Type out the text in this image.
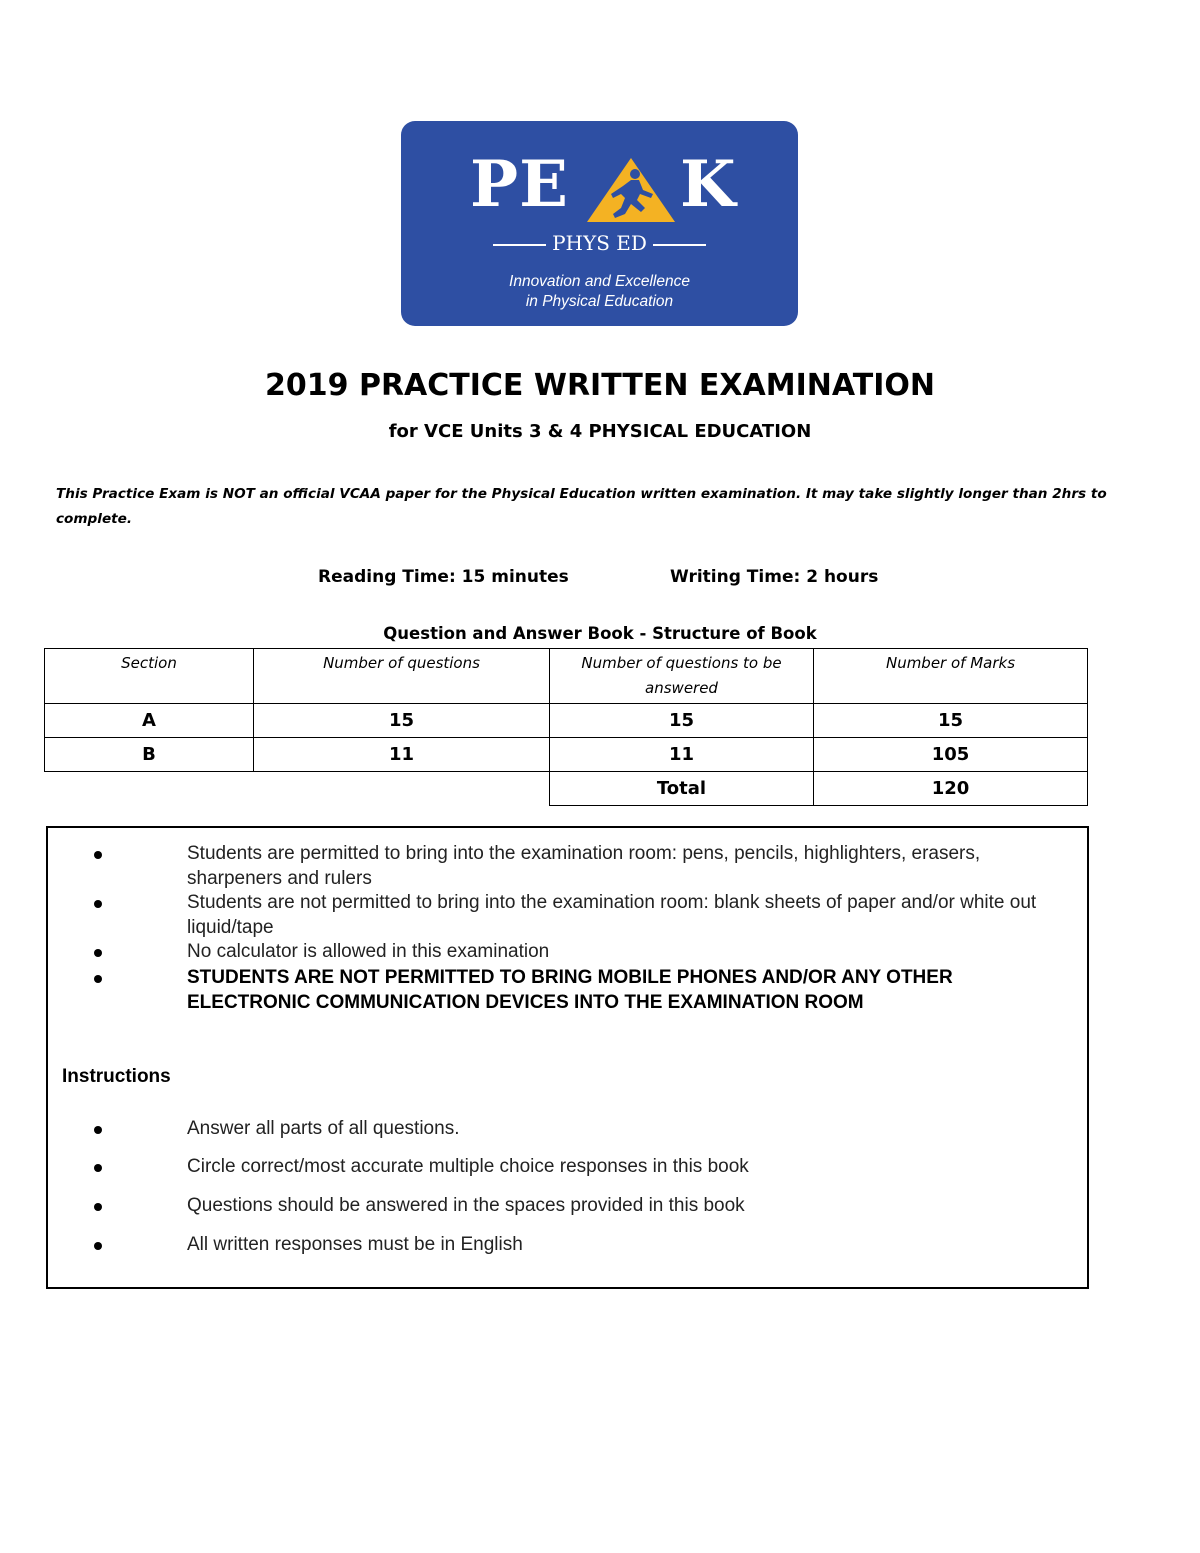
PE K
PHYS ED
Innovation and Excellence
in Physical Education
2019 PRACTICE WRITTEN EXAMINATION
for VCE Units 3 & 4 PHYSICAL EDUCATION
This Practice Exam is NOT an official VCAA paper for the Physical Education written examination. It may take slightly longer than 2hrs to complete.
Reading Time: 15 minutes	Writing Time: 2 hours
Question and Answer Book - Structure of Book
Section	Number of questions	Number of questions to be answered	Number of Marks
A	15	15	15
B	11	11	105
		Total	120
Students are permitted to bring into the examination room: pens, pencils, highlighters, erasers, sharpeners and rulers
Students are not permitted to bring into the examination room: blank sheets of paper and/or white out liquid/tape
No calculator is allowed in this examination
STUDENTS ARE NOT PERMITTED TO BRING MOBILE PHONES AND/OR ANY OTHER ELECTRONIC COMMUNICATION DEVICES INTO THE EXAMINATION ROOM
Instructions
Answer all parts of all questions.
Circle correct/most accurate multiple choice responses in this book
Questions should be answered in the spaces provided in this book
All written responses must be in English
